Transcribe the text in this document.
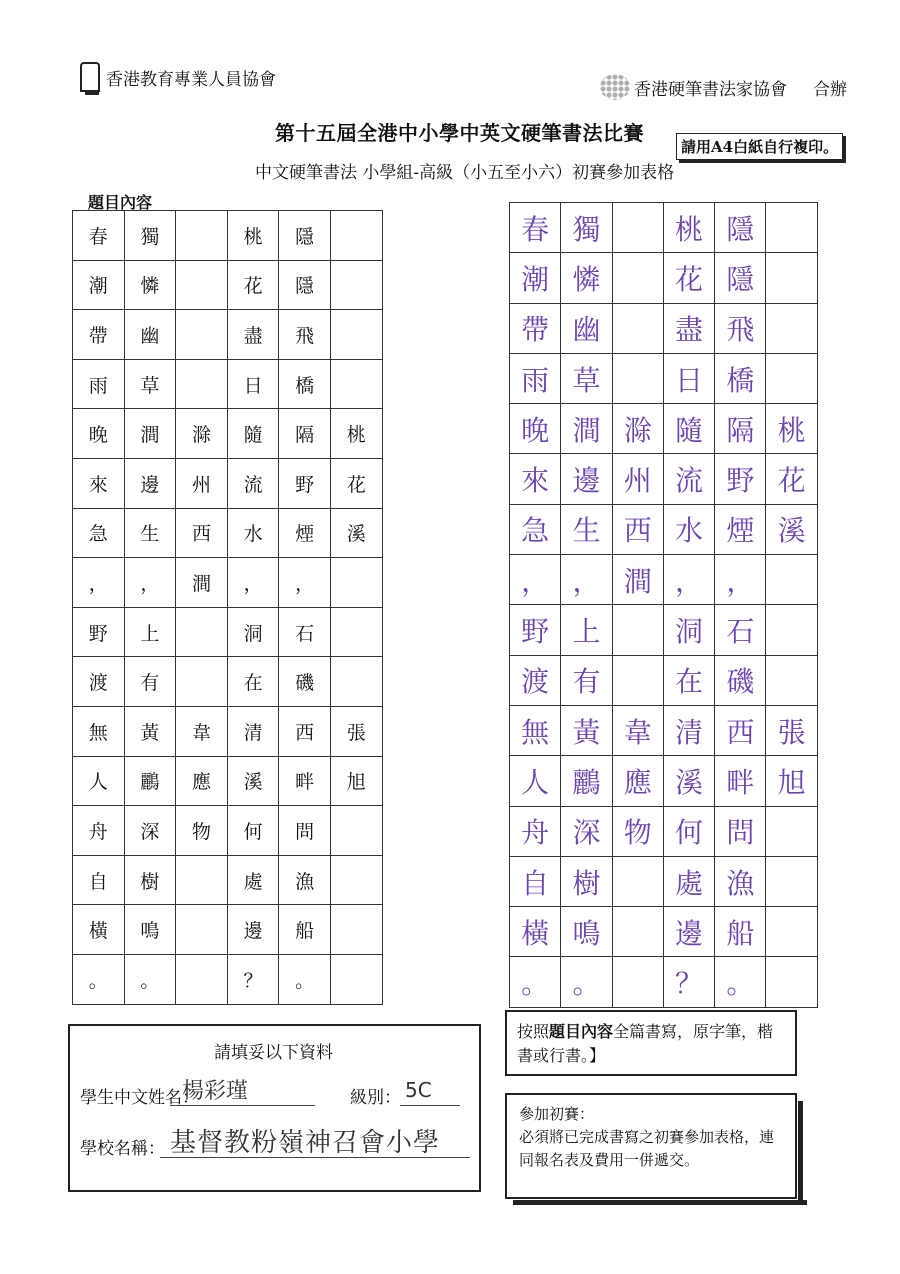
香港教育專業人員協會	香港硬筆書法家協會 合辦
第十五屆全港中小學中英文硬筆書法比賽
請用A4白紙自行複印。
中文硬筆書法 小學組-高級（小五至小六）初賽參加表格
題目內容
春	獨		桃	隱	
潮	憐		花	隱	
帶	幽		盡	飛	
雨	草		日	橋	
晚	澗	滁	隨	隔	桃
來	邊	州	流	野	花
急	生	西	水	煙	溪
，	，	澗	，	，	
野	上		洞	石	
渡	有		在	磯	
無	黃	韋	清	西	張
人	鸝	應	溪	畔	旭
舟	深	物	何	問	
自	樹		處	漁	
橫	鳴		邊	船	
。	。		？	。	
春	獨		桃	隱	
潮	憐		花	隱	
帶	幽		盡	飛	
雨	草		日	橋	
晚	澗	滁	隨	隔	桃
來	邊	州	流	野	花
急	生	西	水	煙	溪
，	，	澗	，	，	
野	上		洞	石	
渡	有		在	磯	
無	黃	韋	清	西	張
人	鸝	應	溪	畔	旭
舟	深	物	何	問	
自	樹		處	漁	
橫	鳴		邊	船	
。	。		？	。	
請填妥以下資料
學生中文姓名：
楊彩瑾	級別： 5C
學校名稱： 基督教粉嶺神召會小學
按照題目內容全篇書寫，原字筆，楷書或行書。】
參加初賽：
必須將已完成書寫之初賽參加表格，連同報名表及費用一併遞交。
